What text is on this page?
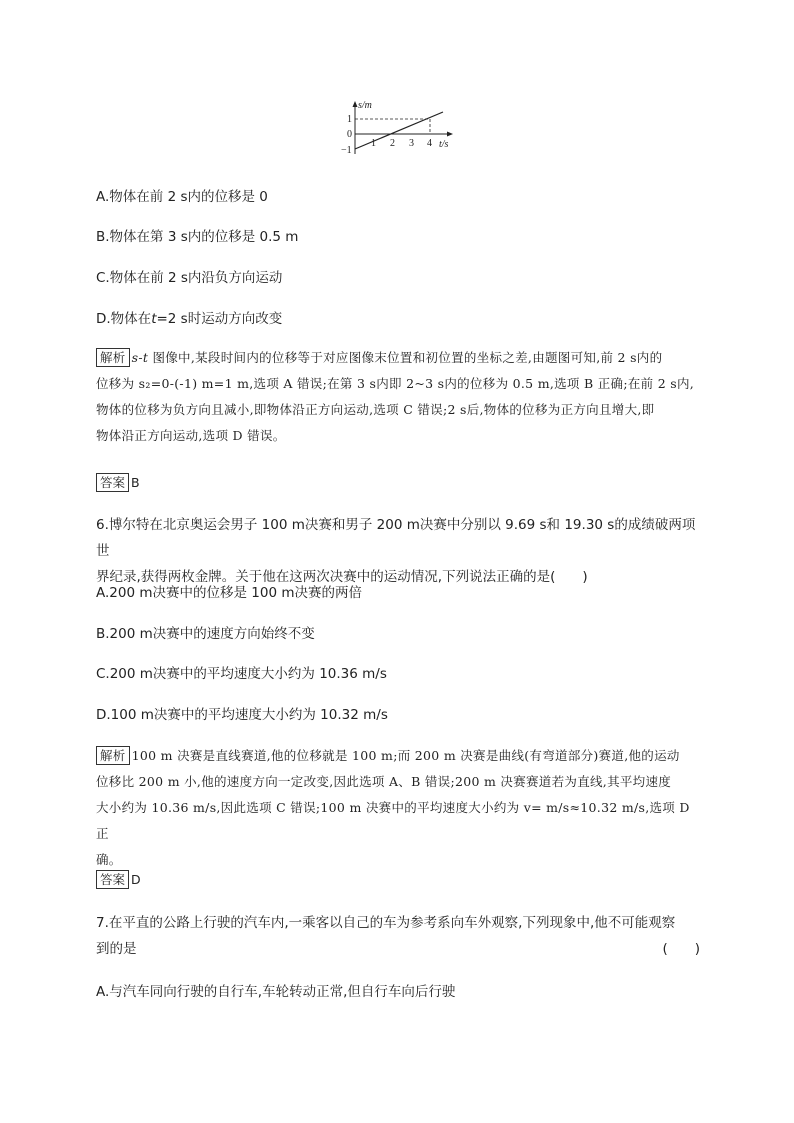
s/m
t/s
1
0
−1
1 2 3 4
A.物体在前 2 s内的位移是 0
B.物体在第 3 s内的位移是 0.5 m
C.物体在前 2 s内沿负方向运动
D.物体在t=2 s时运动方向改变
解析 s-t 图像中,某段时间内的位移等于对应图像末位置和初位置的坐标之差,由题图可知,前 2 s内的
位移为 s₂=0-(-1) m=1 m,选项 A 错误;在第 3 s内即 2~3 s内的位移为 0.5 m,选项 B 正确;在前 2 s内,
物体的位移为负方向且减小,即物体沿正方向运动,选项 C 错误;2 s后,物体的位移为正方向且增大,即
物体沿正方向运动,选项 D 错误。
答案 B
6.博尔特在北京奥运会男子 100 m决赛和男子 200 m决赛中分别以 9.69 s和 19.30 s的成绩破两项世
界纪录,获得两枚金牌。关于他在这两次决赛中的运动情况,下列说法正确的是(　　)
A.200 m决赛中的位移是 100 m决赛的两倍
B.200 m决赛中的速度方向始终不变
C.200 m决赛中的平均速度大小约为 10.36 m/s
D.100 m决赛中的平均速度大小约为 10.32 m/s
解析 100 m 决赛是直线赛道,他的位移就是 100 m;而 200 m 决赛是曲线(有弯道部分)赛道,他的运动
位移比 200 m 小,他的速度方向一定改变,因此选项 A、B 错误;200 m 决赛赛道若为直线,其平均速度
大小约为 10.36 m/s,因此选项 C 错误;100 m 决赛中的平均速度大小约为 v= m/s≈10.32 m/s,选项 D 正
确。
答案 D
7.在平直的公路上行驶的汽车内,一乘客以自己的车为参考系向车外观察,下列现象中,他不可能观察
到的是	(　　)
A.与汽车同向行驶的自行车,车轮转动正常,但自行车向后行驶
